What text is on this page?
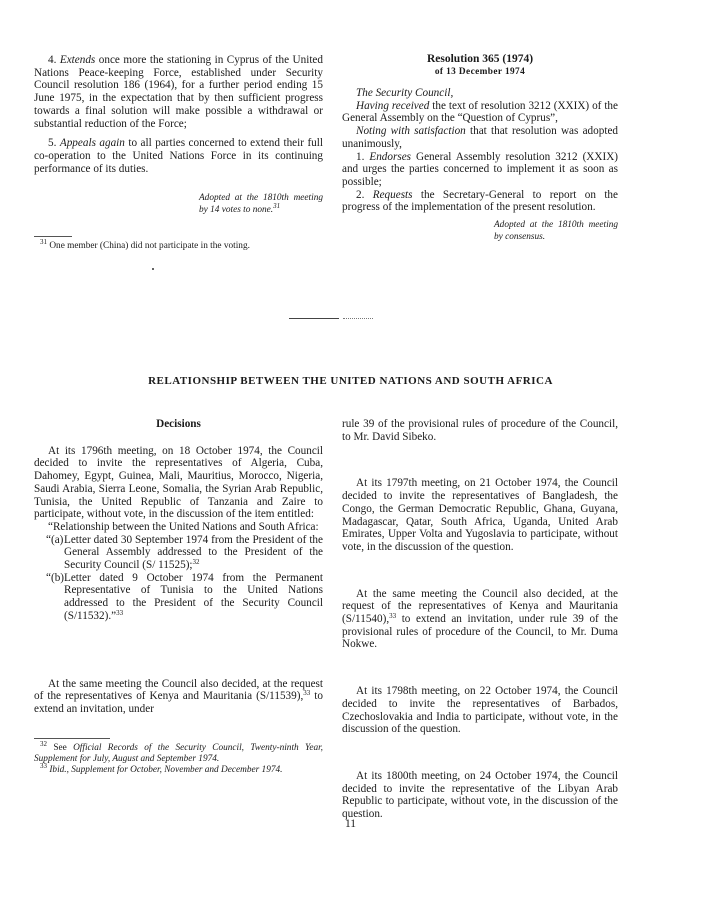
4. Extends once more the stationing in Cyprus of the United Nations Peace-keeping Force, established under Security Council resolution 186 (1964), for a further period ending 15 June 1975, in the expectation that by then sufficient progress towards a final solution will make possible a withdrawal or substantial reduction of the Force;

5. Appeals again to all parties concerned to extend their full co-operation to the United Nations Force in its continuing performance of its duties.

Adopted at the 1810th meeting by 14 votes to none.$^{31}$

$^{31}$ One member (China) did not participate in the voting.

Resolution 365 (1974)
of 13 December 1974

The Security Council,

Having received the text of resolution 3212 (XXIX) of the General Assembly on the “Question of Cyprus”,

Noting with satisfaction that that resolution was adopted unanimously,

1. Endorses General Assembly resolution 3212 (XXIX) and urges the parties concerned to implement it as soon as possible;

2. Requests the Secretary-General to report on the progress of the implementation of the present resolution.

Adopted at the 1810th meeting by consensus.
RELATIONSHIP BETWEEN THE UNITED NATIONS AND SOUTH AFRICA
Decisions

At its 1796th meeting, on 18 October 1974, the Council decided to invite the representatives of Algeria, Cuba, Dahomey, Egypt, Guinea, Mali, Mauritius, Morocco, Nigeria, Saudi Arabia, Sierra Leone, Somalia, the Syrian Arab Republic, Tunisia, the United Republic of Tanzania and Zaire to participate, without vote, in the discussion of the item entitled:

“Relationship between the United Nations and South Africa:

“(a) Letter dated 30 September 1974 from the President of the General Assembly addressed to the President of the Security Council (S/ 11525);$^{32}$
“(b) Letter dated 9 October 1974 from the Permanent Representative of Tunisia to the United Nations addressed to the President of the Security Council (S/11532).”$^{33}$

At the same meeting the Council also decided, at the request of the representatives of Kenya and Mauritania (S/11539),$^{33}$ to extend an invitation, under

$^{32}$ See Official Records of the Security Council, Twenty-ninth Year, Supplement for July, August and September 1974.

$^{33}$ Ibid., Supplement for October, November and December 1974.

rule 39 of the provisional rules of procedure of the Council, to Mr. David Sibeko.

At its 1797th meeting, on 21 October 1974, the Council decided to invite the representatives of Bangladesh, the Congo, the German Democratic Republic, Ghana, Guyana, Madagascar, Qatar, South Africa, Uganda, United Arab Emirates, Upper Volta and Yugoslavia to participate, without vote, in the discussion of the question.

At the same meeting the Council also decided, at the request of the representatives of Kenya and Mauritania (S/11540),$^{33}$ to extend an invitation, under rule 39 of the provisional rules of procedure of the Council, to Mr. Duma Nokwe.

At its 1798th meeting, on 22 October 1974, the Council decided to invite the representatives of Barbados, Czechoslovakia and India to participate, without vote, in the discussion of the question.

At its 1800th meeting, on 24 October 1974, the Council decided to invite the representative of the Libyan Arab Republic to participate, without vote, in the discussion of the question.

11
